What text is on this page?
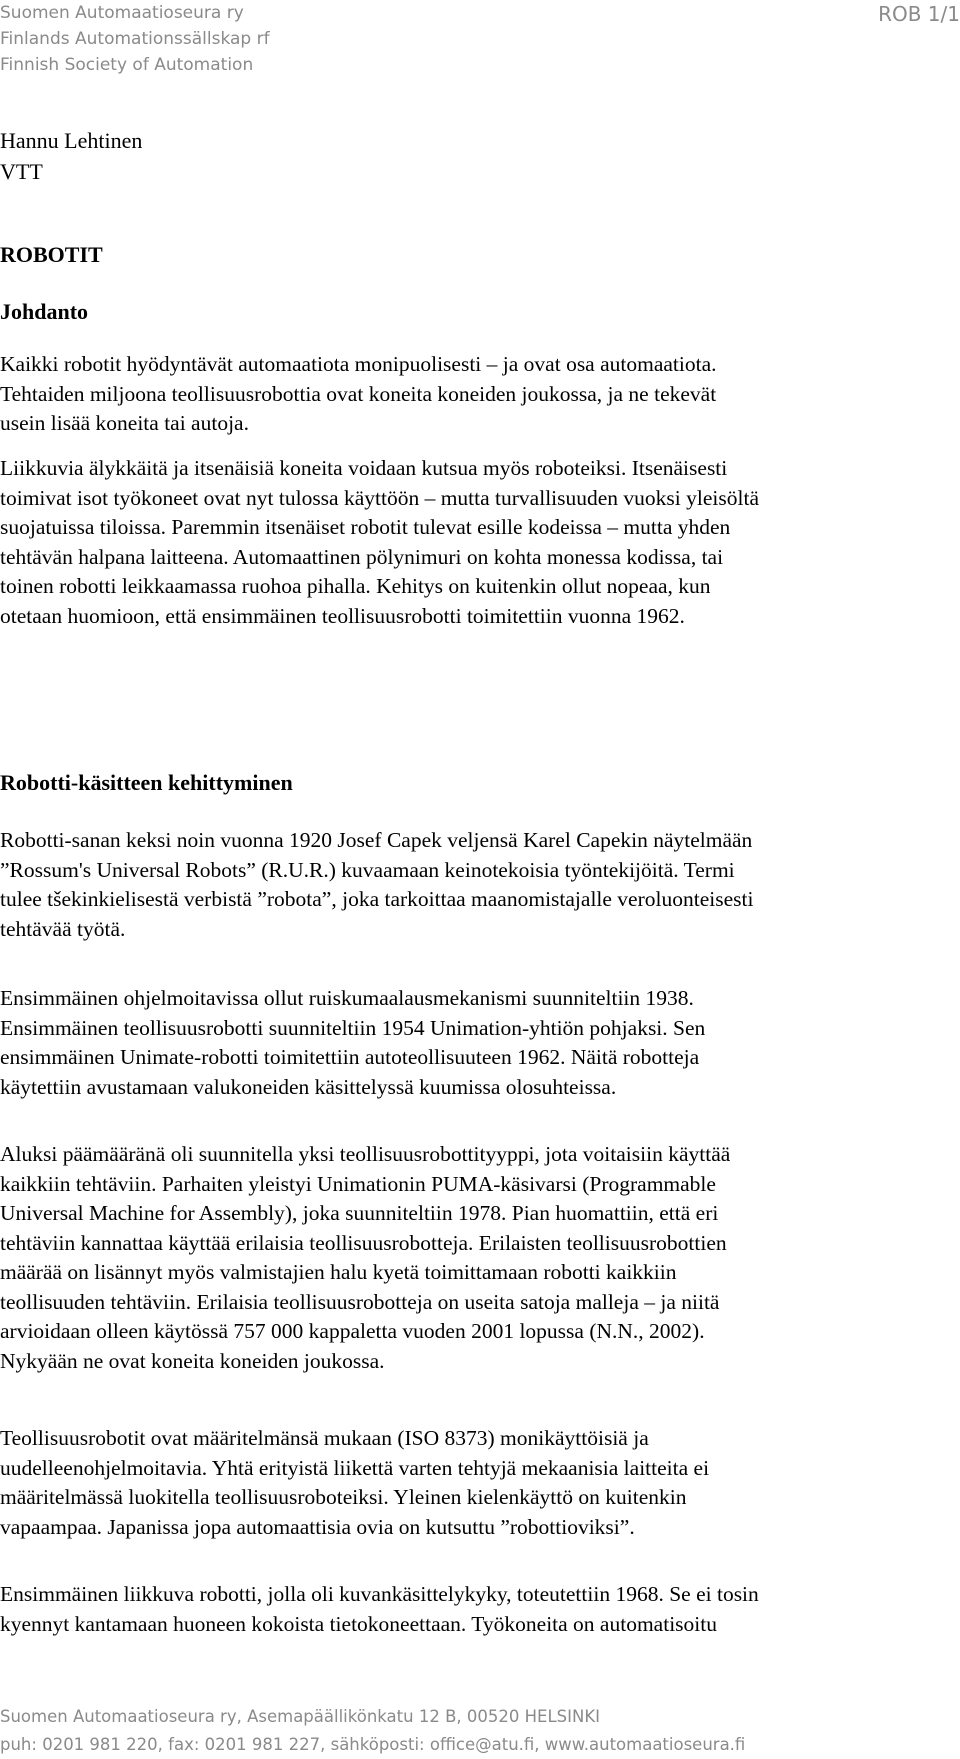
Suomen Automaatioseura ry
Finlands Automationssällskap rf
Finnish Society of Automation
ROB 1/1
Hannu Lehtinen
VTT
ROBOTIT
Johdanto
Kaikki robotit hyödyntävät automaatiota monipuolisesti – ja ovat osa automaatiota.
Tehtaiden miljoona teollisuusrobottia ovat koneita koneiden joukossa, ja ne tekevät
usein lisää koneita tai autoja.
Liikkuvia älykkäitä ja itsenäisiä koneita voidaan kutsua myös roboteiksi. Itsenäisesti
toimivat isot työkoneet ovat nyt tulossa käyttöön – mutta turvallisuuden vuoksi yleisöltä
suojatuissa tiloissa. Paremmin itsenäiset robotit tulevat esille kodeissa – mutta yhden
tehtävän halpana laitteena. Automaattinen pölynimuri on kohta monessa kodissa, tai
toinen robotti leikkaamassa ruohoa pihalla. Kehitys on kuitenkin ollut nopeaa, kun
otetaan huomioon, että ensimmäinen teollisuusrobotti toimitettiin vuonna 1962.
Robotti-käsitteen kehittyminen
Robotti-sanan keksi noin vuonna 1920 Josef Capek veljensä Karel Capekin näytelmään
”Rossum's Universal Robots” (R.U.R.) kuvaamaan keinotekoisia työntekijöitä. Termi
tulee tšekinkielisestä verbistä ”robota”, joka tarkoittaa maanomistajalle veroluonteisesti
tehtävää työtä.
Ensimmäinen ohjelmoitavissa ollut ruiskumaalausmekanismi suunniteltiin 1938.
Ensimmäinen teollisuusrobotti suunniteltiin 1954 Unimation-yhtiön pohjaksi. Sen
ensimmäinen Unimate-robotti toimitettiin autoteollisuuteen 1962. Näitä robotteja
käytettiin avustamaan valukoneiden käsittelyssä kuumissa olosuhteissa.
Aluksi päämääränä oli suunnitella yksi teollisuusrobottityyppi, jota voitaisiin käyttää
kaikkiin tehtäviin. Parhaiten yleistyi Unimationin PUMA-käsivarsi (Programmable
Universal Machine for Assembly), joka suunniteltiin 1978. Pian huomattiin, että eri
tehtäviin kannattaa käyttää erilaisia teollisuusrobotteja. Erilaisten teollisuusrobottien
määrää on lisännyt myös valmistajien halu kyetä toimittamaan robotti kaikkiin
teollisuuden tehtäviin. Erilaisia teollisuusrobotteja on useita satoja malleja – ja niitä
arvioidaan olleen käytössä 757 000 kappaletta vuoden 2001 lopussa (N.N., 2002).
Nykyään ne ovat koneita koneiden joukossa.
Teollisuusrobotit ovat määritelmänsä mukaan (ISO 8373) monikäyttöisiä ja
uudelleenohjelmoitavia. Yhtä erityistä liikettä varten tehtyjä mekaanisia laitteita ei
määritelmässä luokitella teollisuusroboteiksi. Yleinen kielenkäyttö on kuitenkin
vapaampaa. Japanissa jopa automaattisia ovia on kutsuttu ”robottioviksi”.
Ensimmäinen liikkuva robotti, jolla oli kuvankäsittelykyky, toteutettiin 1968. Se ei tosin
kyennyt kantamaan huoneen kokoista tietokoneettaan. Työkoneita on automatisoitu
Suomen Automaatioseura ry, Asemapäällikönkatu 12 B, 00520 HELSINKI
puh: 0201 981 220, fax: 0201 981 227, sähköposti: office@atu.fi, www.automaatioseura.fi
